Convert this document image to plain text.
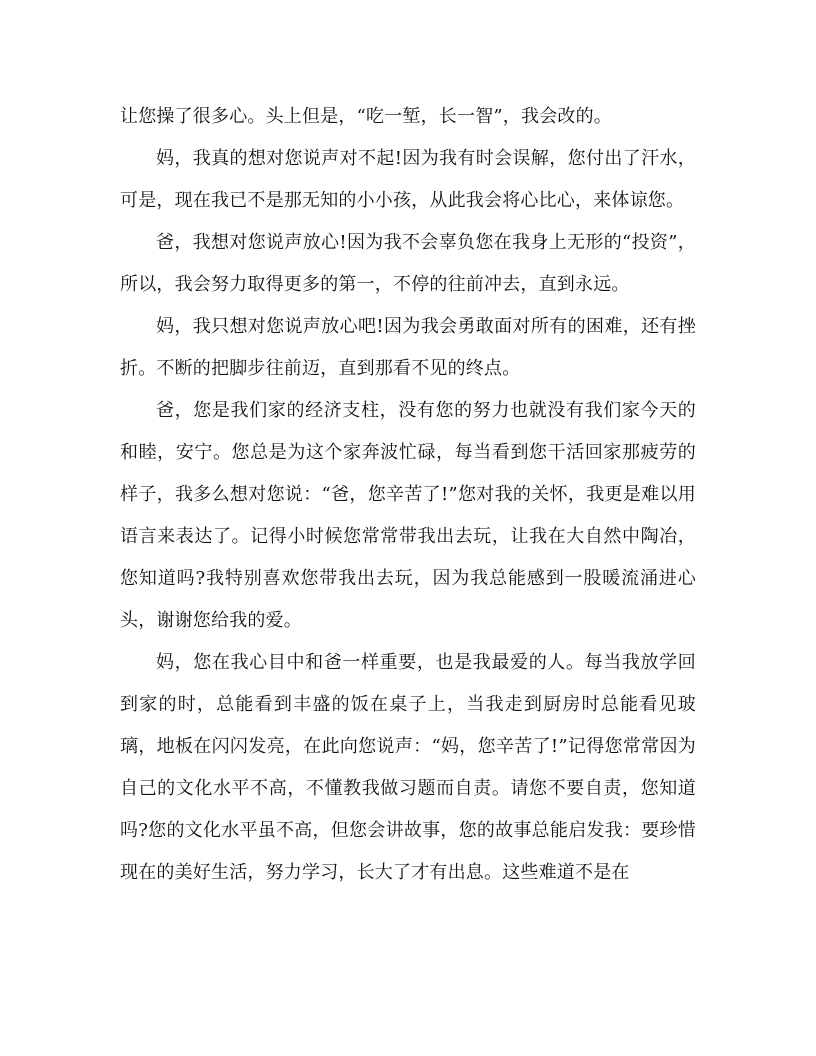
让您操了很多心。头上但是，“吃一堑，长一智”，我会改的。

妈，我真的想对您说声对不起!因为我有时会误解，您付出了汗水，可是，现在我已不是那无知的小小孩，从此我会将心比心，来体谅您。

爸，我想对您说声放心!因为我不会辜负您在我身上无形的“投资”，所以，我会努力取得更多的第一，不停的往前冲去，直到永远。

妈，我只想对您说声放心吧!因为我会勇敢面对所有的困难，还有挫折。不断的把脚步往前迈，直到那看不见的终点。

爸，您是我们家的经济支柱，没有您的努力也就没有我们家今天的和睦，安宁。您总是为这个家奔波忙碌，每当看到您干活回家那疲劳的样子，我多么想对您说：“爸，您辛苦了!”您对我的关怀，我更是难以用语言来表达了。记得小时候您常常带我出去玩，让我在大自然中陶冶，您知道吗?我特别喜欢您带我出去玩，因为我总能感到一股暖流涌进心头，谢谢您给我的爱。

妈，您在我心目中和爸一样重要，也是我最爱的人。每当我放学回到家的时，总能看到丰盛的饭在桌子上，当我走到厨房时总能看见玻璃，地板在闪闪发亮，在此向您说声：“妈，您辛苦了!”记得您常常因为自己的文化水平不高，不懂教我做习题而自责。请您不要自责，您知道吗?您的文化水平虽不高，但您会讲故事，您的故事总能启发我：要珍惜现在的美好生活，努力学习，长大了才有出息。这些难道不是在
